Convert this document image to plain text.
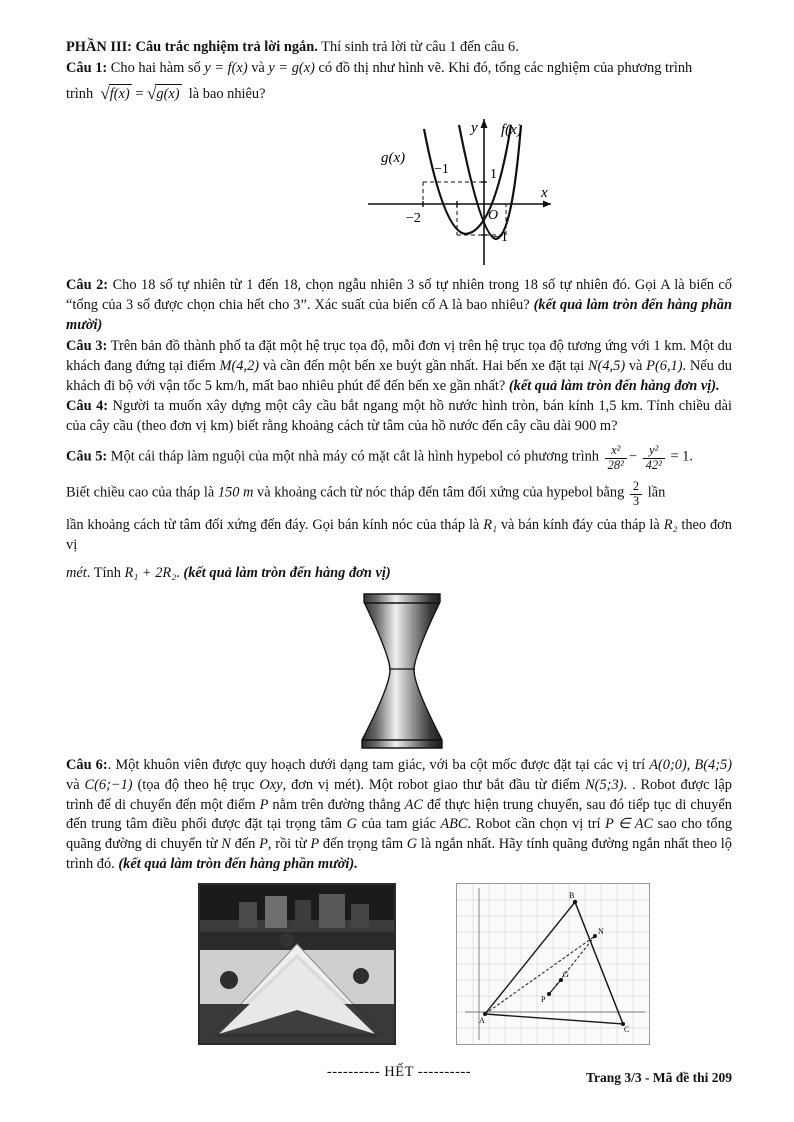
PHẦN III: Câu trắc nghiệm trả lời ngắn. Thí sinh trả lời từ câu 1 đến câu 6.

Câu 1: Cho hai hàm số y = f(x) và y = g(x) có đồ thị như hình vẽ. Khi đó, tổng các nghiệm của phương trình

trình  √f(x) = √g(x) là bao nhiêu?

f(x)
g(x)
y
x
O
1
−1
−1
−2

Câu 2: Cho 18 số tự nhiên từ 1 đến 18, chọn ngẫu nhiên 3 số tự nhiên trong 18 số tự nhiên đó. Gọi A là biến cố “tổng của 3 số được chọn chia hết cho 3”. Xác suất của biến cố A là bao nhiêu? (kết quả làm tròn đến hàng phần mười)

Câu 3: Trên bản đồ thành phố ta đặt một hệ trục tọa độ, mỗi đơn vị trên hệ trục tọa độ tương ứng với 1 km. Một du khách đang đứng tại điểm M(4,2) và cần đến một bến xe buýt gần nhất. Hai bến xe đặt tại N(4,5) và P(6,1). Nếu du khách đi bộ với vận tốc 5 km/h, mất bao nhiêu phút để đến bến xe gần nhất? (kết quả làm tròn đến hàng đơn vị).

Câu 4: Người ta muốn xây dựng một cây cầu bắt ngang một hồ nước hình tròn, bán kính 1,5 km. Tính chiều dài của cây cầu (theo đơn vị km) biết rằng khoảng cách từ tâm của hồ nước đến cây cầu dài 900 m?

Câu 5: Một cái tháp làm nguội của một nhà máy có mặt cắt là hình hypebol có phương trình $\frac{\text{x²}}{\text{28²}} - \frac{\text{y²}}{\text{42²}} = 1$.

Biết chiều cao của tháp là 150 m và khoảng cách từ nóc tháp đến tâm đối xứng của hypebol bằng $\frac{2}{3}$ lần

lần khoảng cách từ tâm đối xứng đến đáy. Gọi bán kính nóc của tháp là R₁ và bán kính đáy của tháp là R₂ theo đơn vị

mét. Tính R₁ + 2R₂. (kết quả làm tròn đến hàng đơn vị)

Câu 6:. Một khuôn viên được quy hoạch dưới dạng tam giác, với ba cột mốc được đặt tại các vị trí A(0;0), B(4;5) và C(6;−1) (tọa độ theo hệ trục Oxy, đơn vị mét). Một robot giao thư bắt đầu từ điểm N(5;3). . Robot được lập trình để di chuyển đến một điểm P nằm trên đường thẳng AC để thực hiện trung chuyển, sau đó tiếp tục di chuyển đến trung tâm điều phối được đặt tại trọng tâm G của tam giác ABC. Robot cần chọn vị trí P ∈ AC sao cho tổng quãng đường di chuyển từ N đến P, rồi từ P đến trọng tâm G là ngắn nhất. Hãy tính quãng đường ngắn nhất theo lộ trình đó. (kết quả làm tròn đến hàng phần mười).

B
N
G
P
A
C
---------- HẾT ----------	Trang 3/3 - Mã đề thi 209
